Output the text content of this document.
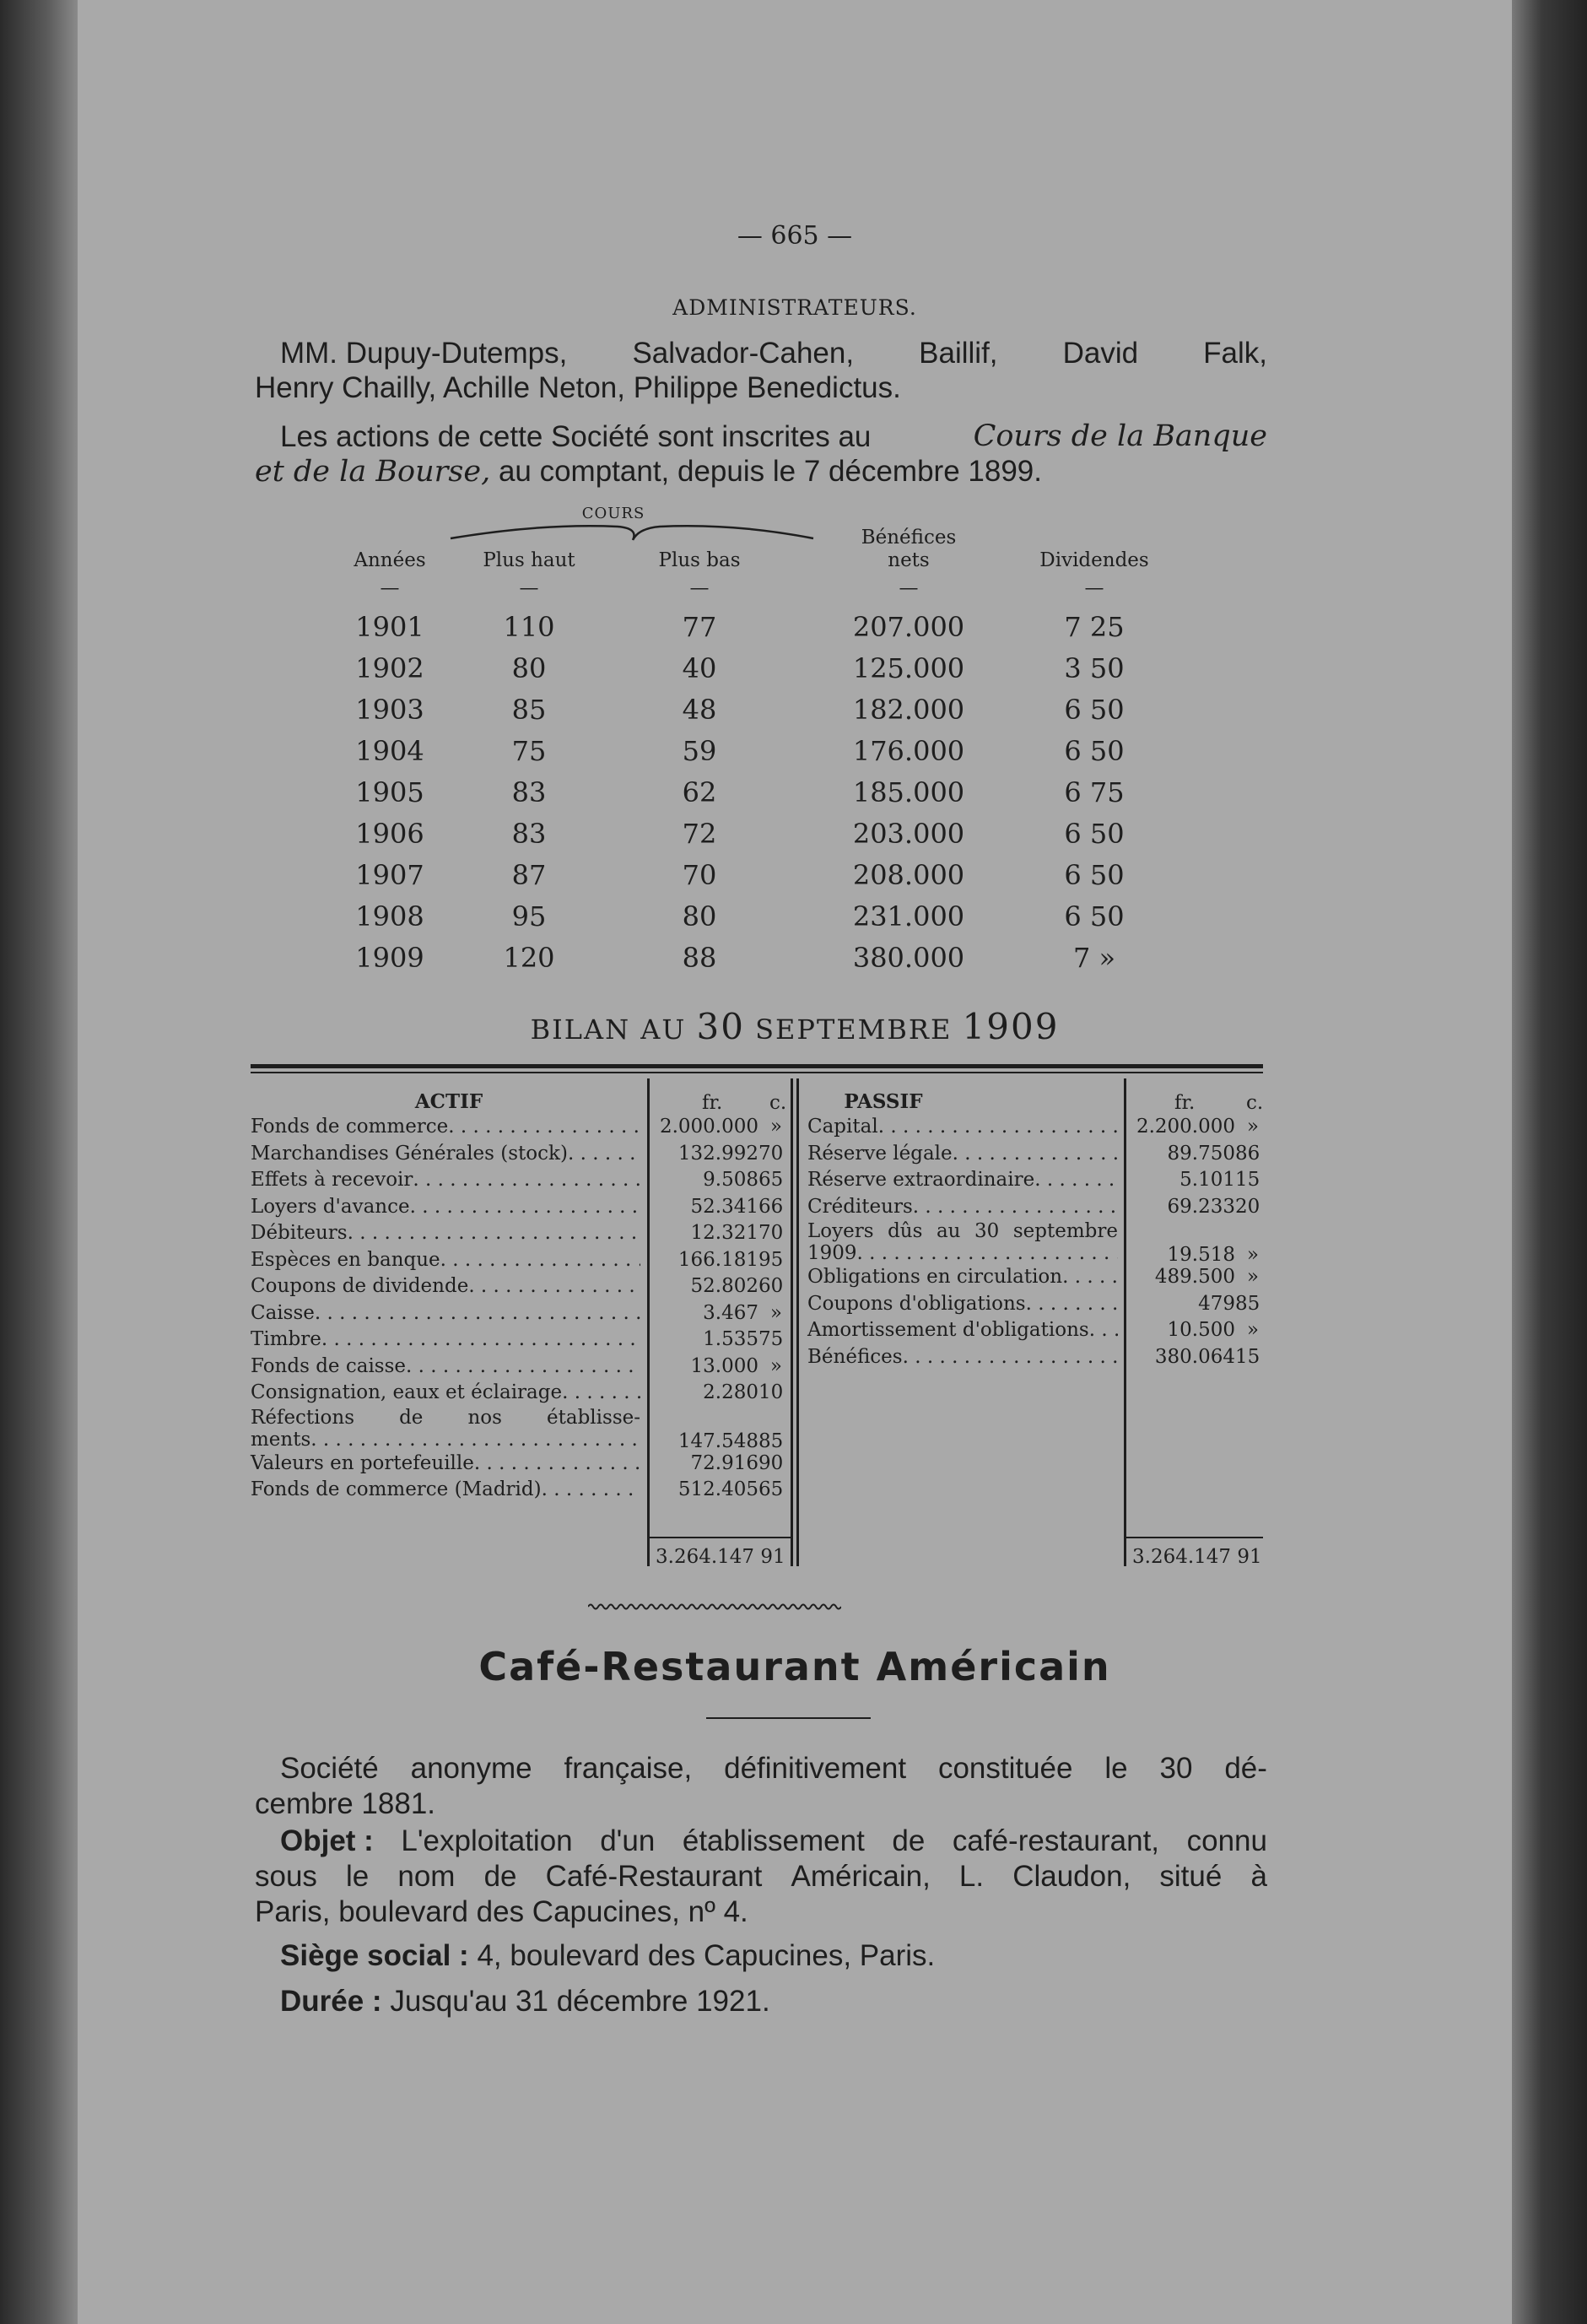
— 665 —
ADMINISTRATEURS.
MM. Dupuy-Dutemps, Salvador-Cahen, Baillif, David Falk,
Henry Chailly, Achille Neton, Philippe Benedictus.
Les actions de cette Société sont inscrites au	Cours de la Banque
et de la Bourse, au comptant, depuis le 7 décembre 1899.
COURS
Années	Plus haut	Plus bas
Bénéfices
nets	Dividendes
—	—	—	—	—
1901	110	77	207.000	7 25
1902	80	40	125.000	3 50
1903	85	48	182.000	6 50
1904	75	59	176.000	6 50
1905	83	62	185.000	6 75
1906	83	72	203.000	6 50
1907	87	70	208.000	6 50
1908	95	80	231.000	6 50
1909	120	88	380.000	7 »
BILAN AU 30 SEPTEMBRE 1909
ACTIF	PASSIF
fr. c.	fr.	c.
Fonds de commerce . . .	2.000.000 »
Marchandises Générales (stock) . . .	132.99270
Effets à recevoir . . .	9.50865
Loyers d'avance . . .	52.34166
Débiteurs . . .	12.32170
Espèces en banque . . .	166.18195
Coupons de dividende . . .	52.80260
Caisse . . .	3.467 »
Timbre . . .	1.53575
Fonds de caisse . . .	13.000 »
Consignation, eaux et éclairage . . .	2.28010
Réfections de nos établisse-
ments . . .	147.54885
Valeurs en portefeuille . . .	72.91690
Fonds de commerce (Madrid) . . .	512.40565
Capital . . .	2.200.000 »
Réserve légale . . .	89.75086
Réserve extraordinaire . . .	5.10115
Créditeurs . . .	69.23320
Loyers dûs au 30 septembre
1909 . . .	19.518 »
Obligations en circulation . . .	489.500 »
Coupons d'obligations . . .	47985
Amortissement d'obligations . . .	10.500 »
Bénéfices . . .	380.06415
3.264.147 91	3.264.147 91
Café-Restaurant Américain
Société anonyme française, définitivement constituée le 30 dé-
cembre 1881.
Objet : L'exploitation d'un établissement de café-restaurant, connu
sous le nom de Café-Restaurant Américain, L. Claudon, situé à
Paris, boulevard des Capucines, nº 4.
Siège social : 4, boulevard des Capucines, Paris.
Durée : Jusqu'au 31 décembre 1921.
